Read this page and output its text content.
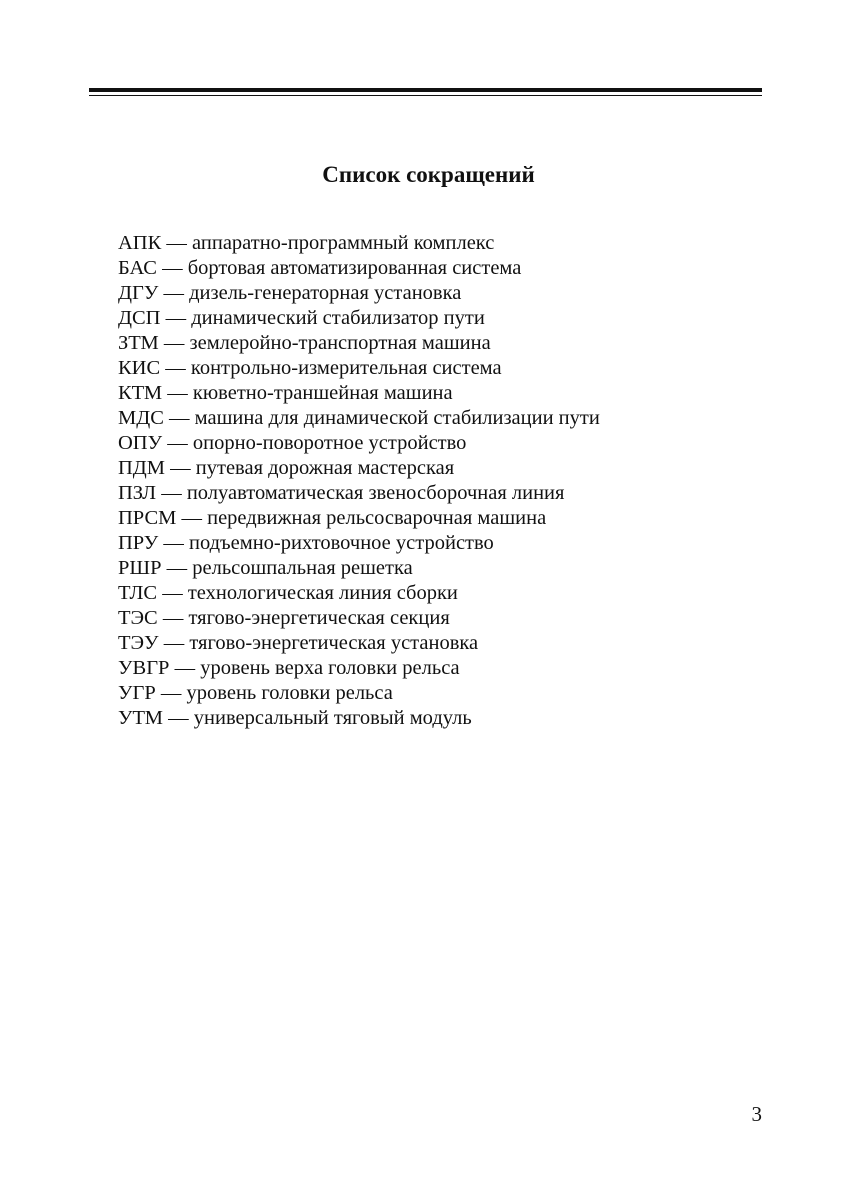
Список сокращений
АПК — аппаратно-программный комплекс
БАС — бортовая автоматизированная система
ДГУ — дизель-генераторная установка
ДСП — динамический стабилизатор пути
ЗТМ — землеройно-транспортная машина
КИС — контрольно-измерительная система
КТМ — кюветно-траншейная машина
МДС — машина для динамической стабилизации пути
ОПУ — опорно-поворотное устройство
ПДМ — путевая дорожная мастерская
ПЗЛ — полуавтоматическая звеносборочная линия
ПРСМ — передвижная рельсосварочная машина
ПРУ — подъемно-рихтовочное устройство
РШР — рельсошпальная решетка
ТЛС — технологическая линия сборки
ТЭС — тягово-энергетическая секция
ТЭУ — тягово-энергетическая установка
УВГР — уровень верха головки рельса
УГР — уровень головки рельса
УТМ — универсальный тяговый модуль
3
